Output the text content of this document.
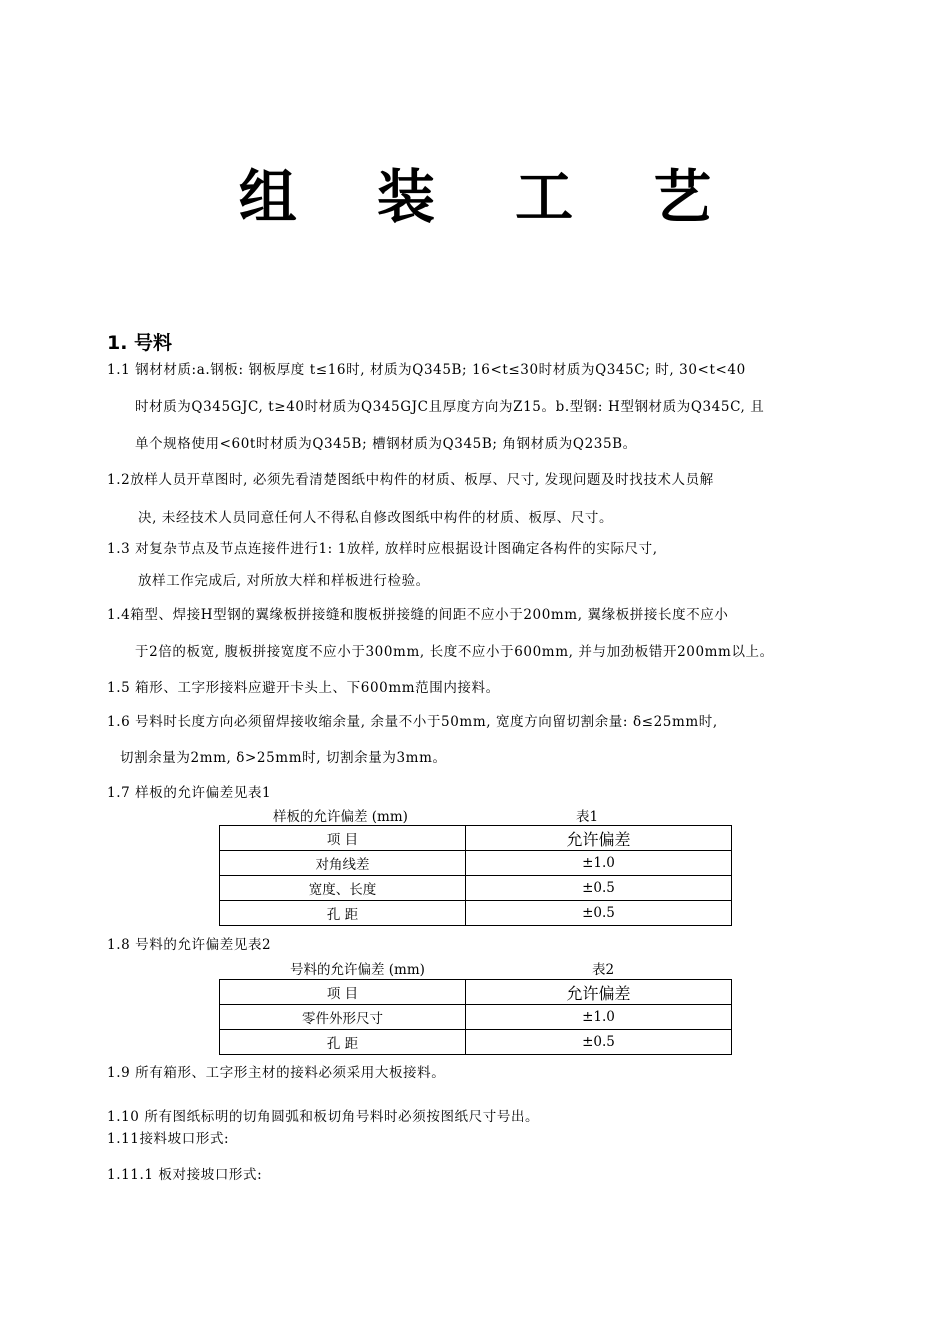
组 装 工 艺
1. 号料
1.1 钢材材质:a.钢板: 钢板厚度 t≤16时, 材质为Q345B; 16<t≤30时材质为Q345C; 时, 30<t<40
时材质为Q345GJC, t≥40时材质为Q345GJC且厚度方向为Z15。b.型钢: H型钢材质为Q345C, 且
单个规格使用<60t时材质为Q345B; 槽钢材质为Q345B; 角钢材质为Q235B。
1.2放样人员开草图时, 必须先看清楚图纸中构件的材质、板厚、尺寸, 发现问题及时找技术人员解
决, 未经技术人员同意任何人不得私自修改图纸中构件的材质、板厚、尺寸。
1.3 对复杂节点及节点连接件进行1: 1放样, 放样时应根据设计图确定各构件的实际尺寸,
放样工作完成后, 对所放大样和样板进行检验。
1.4箱型、焊接H型钢的翼缘板拼接缝和腹板拼接缝的间距不应小于200mm, 翼缘板拼接长度不应小
于2倍的板宽, 腹板拼接宽度不应小于300mm, 长度不应小于600mm, 并与加劲板错开200mm以上。
1.5 箱形、工字形接料应避开卡头上、下600mm范围内接料。
1.6 号料时长度方向必须留焊接收缩余量, 余量不小于50mm, 宽度方向留切割余量: δ≤25mm时,
切割余量为2mm, δ>25mm时, 切割余量为3mm。
1.7 样板的允许偏差见表1
样板的允许偏差 (mm)	表1
项 目	允许偏差
对角线差	±1.0
宽度、长度	±0.5
孔 距	±0.5
1.8 号料的允许偏差见表2
号料的允许偏差 (mm)	表2
项 目	允许偏差
零件外形尺寸	±1.0
孔 距	±0.5
1.9 所有箱形、工字形主材的接料必须采用大板接料。
1.10 所有图纸标明的切角圆弧和板切角号料时必须按图纸尺寸号出。
1.11接料坡口形式:
1.11.1 板对接坡口形式:
